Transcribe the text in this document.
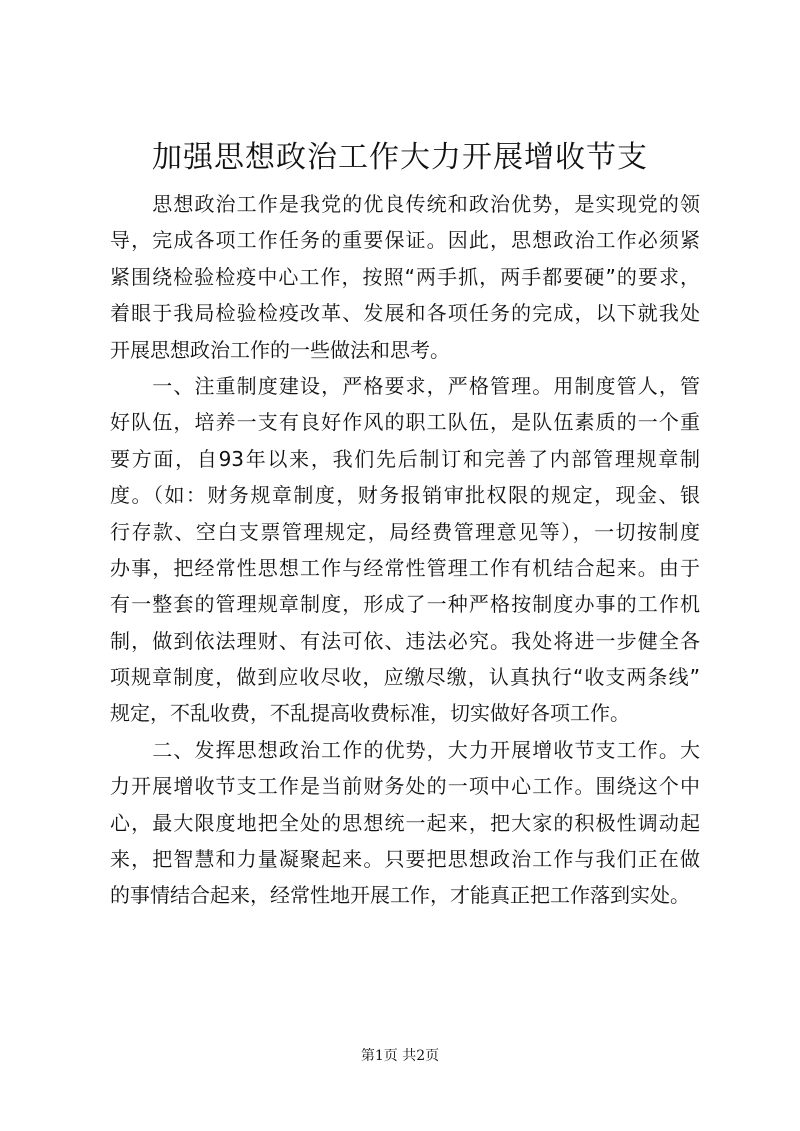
加强思想政治工作大力开展增收节支

　　思想政治工作是我党的优良传统和政治优势，是实现党的领
导，完成各项工作任务的重要保证。因此，思想政治工作必须紧
紧围绕检验检疫中心工作，按照“两手抓，两手都要硬”的要求，
着眼于我局检验检疫改革、发展和各项任务的完成，以下就我处
开展思想政治工作的一些做法和思考。

　　一、注重制度建设，严格要求，严格管理。用制度管人，管
好队伍，培养一支有良好作风的职工队伍，是队伍素质的一个重
要方面，自93年以来，我们先后制订和完善了内部管理规章制
度。（如：财务规章制度，财务报销审批权限的规定，现金、银
行存款、空白支票管理规定，局经费管理意见等），一切按制度
办事，把经常性思想工作与经常性管理工作有机结合起来。由于
有一整套的管理规章制度，形成了一种严格按制度办事的工作机
制，做到依法理财、有法可依、违法必究。我处将进一步健全各
项规章制度，做到应收尽收，应缴尽缴，认真执行“收支两条线”
规定，不乱收费，不乱提高收费标准，切实做好各项工作。

　　二、发挥思想政治工作的优势，大力开展增收节支工作。大
力开展增收节支工作是当前财务处的一项中心工作。围绕这个中
心，最大限度地把全处的思想统一起来，把大家的积极性调动起
来，把智慧和力量凝聚起来。只要把思想政治工作与我们正在做
的事情结合起来，经常性地开展工作，才能真正把工作落到实处。

第1页 共2页
